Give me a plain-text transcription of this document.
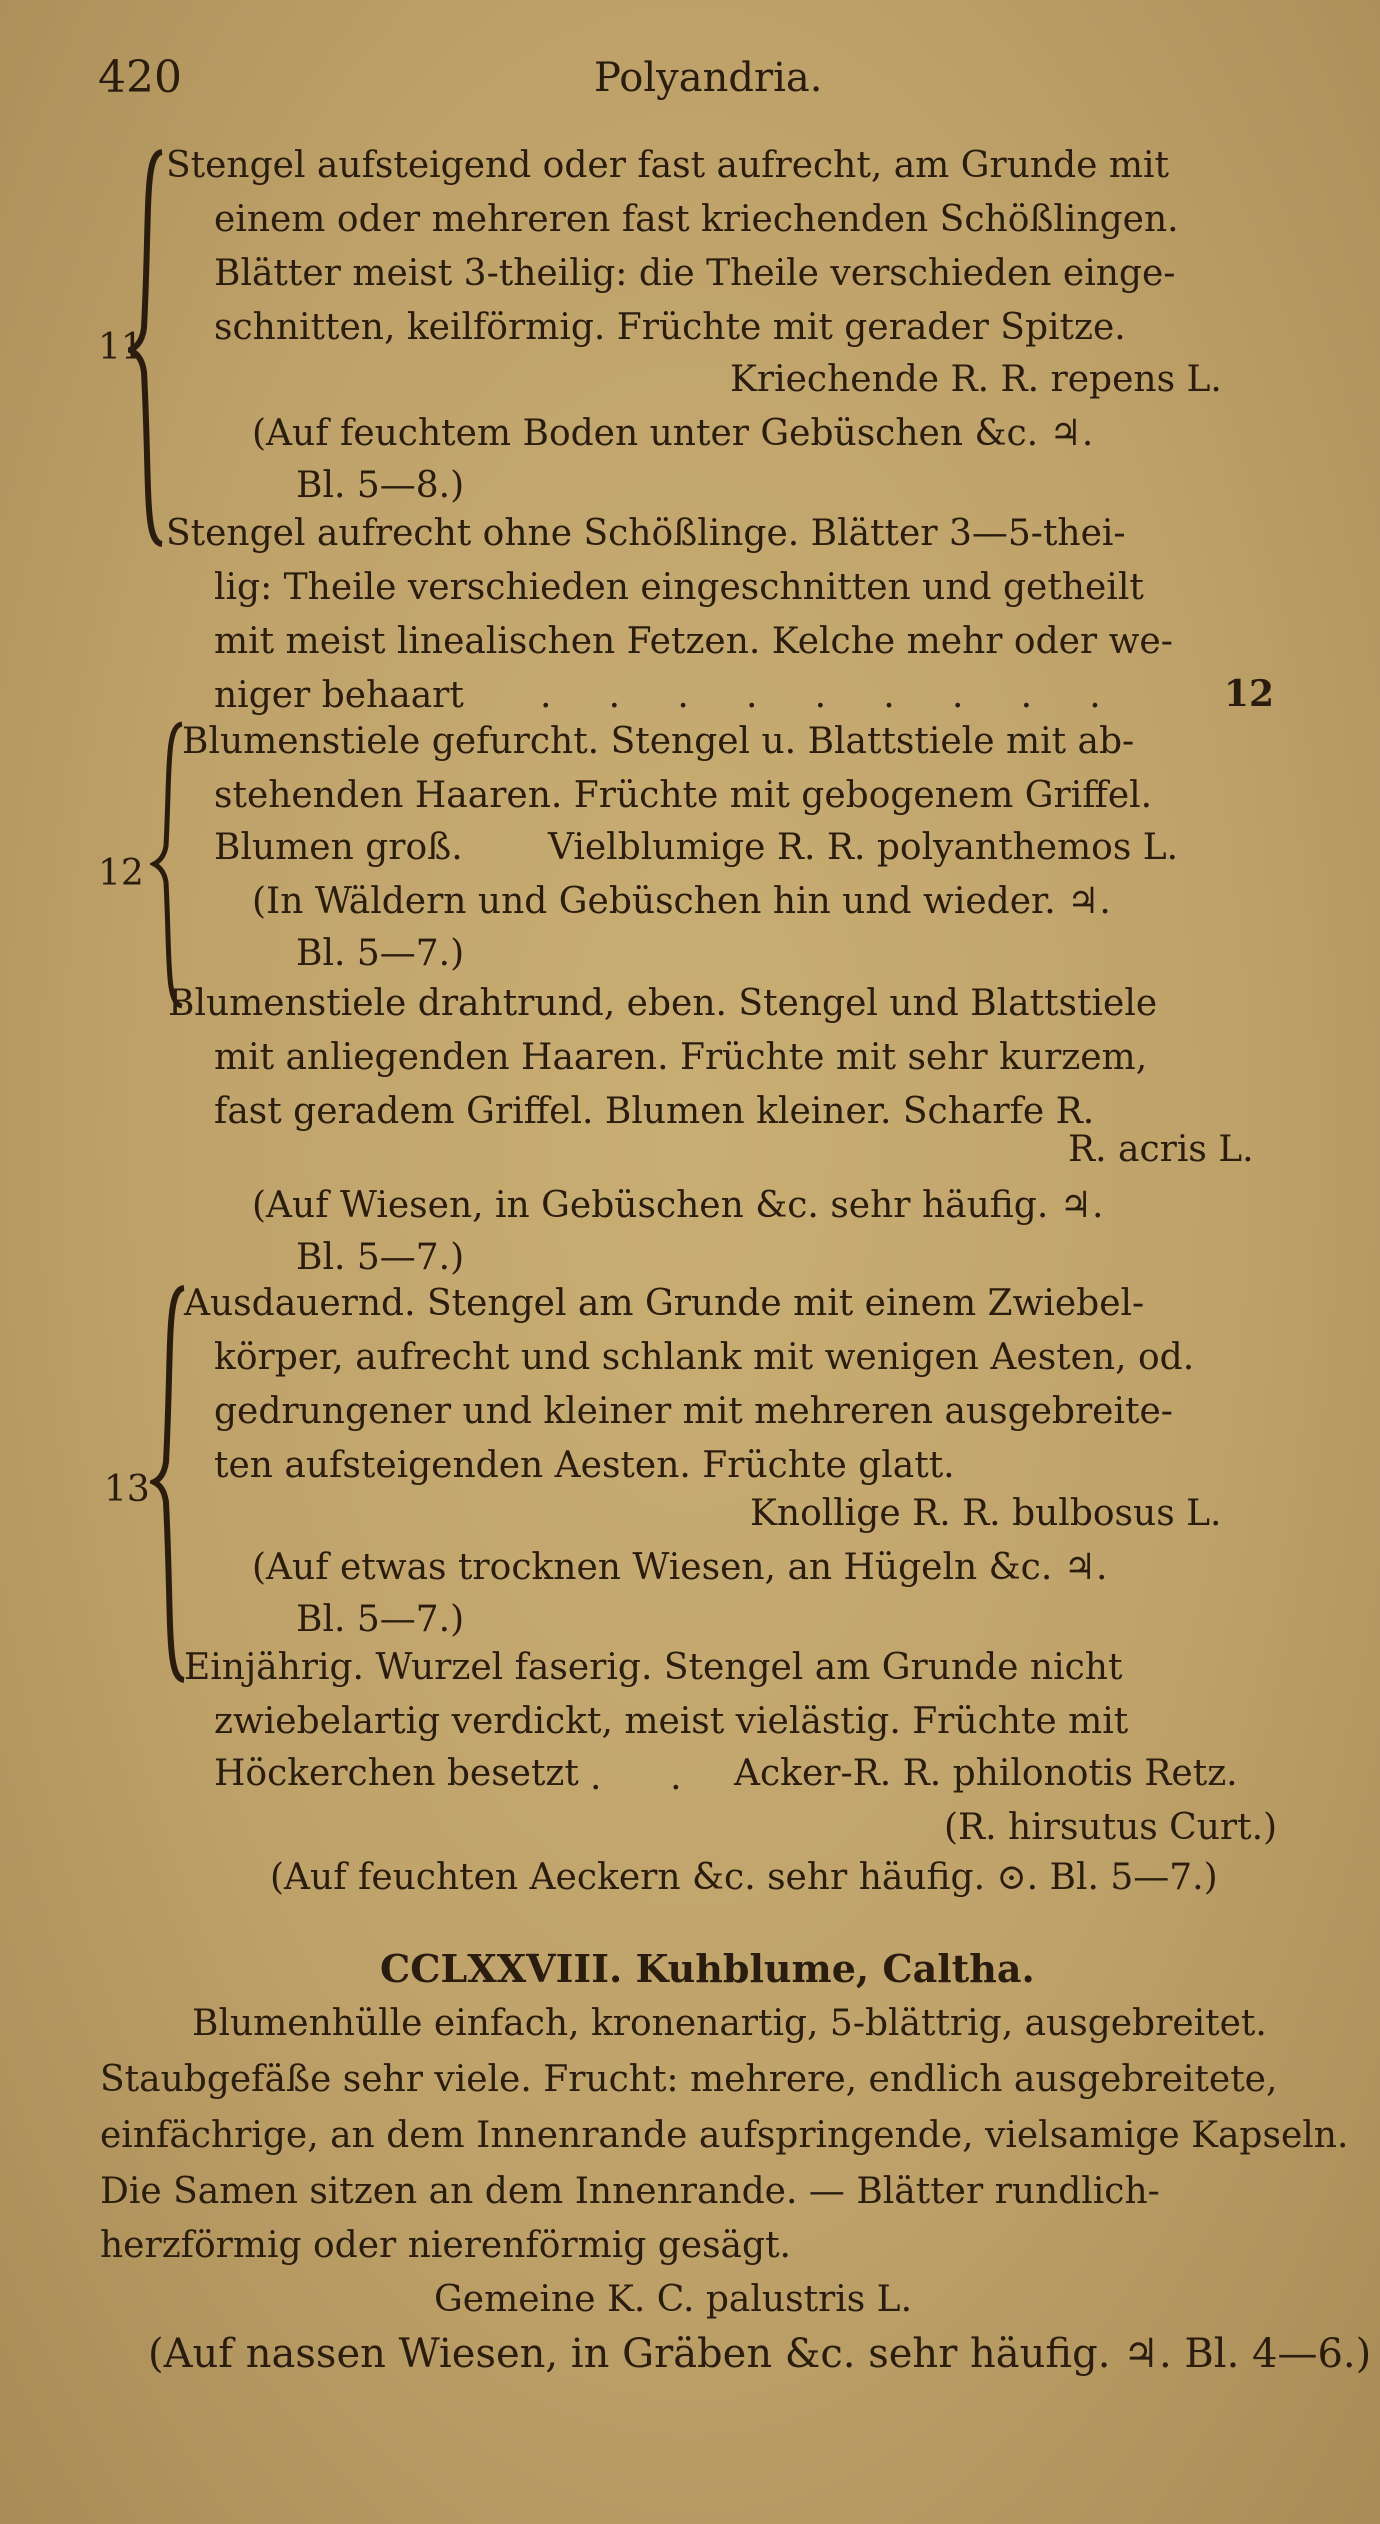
420	Polyandria.
11
Stengel aufsteigend oder fast aufrecht, am Grunde mit
einem oder mehreren fast kriechenden Schößlingen.
Blätter meist 3-theilig: die Theile verschieden einge-
schnitten, keilförmig. Früchte mit gerader Spitze.
Kriechende R. R. repens L.
(Auf feuchtem Boden unter Gebüschen &c. ♃.
Bl. 5—8.)
Stengel aufrecht ohne Schößlinge. Blätter 3—5-thei-
lig: Theile verschieden eingeschnitten und getheilt
mit meist linealischen Fetzen. Kelche mehr oder we-
niger behaart .     .     .     .     .     .     .     .     .	12
12
Blumenstiele gefurcht. Stengel u. Blattstiele mit ab-
stehenden Haaren. Früchte mit gebogenem Griffel.
Blumen groß. Vielblumige R. R. polyanthemos L.
(In Wäldern und Gebüschen hin und wieder. ♃.
Bl. 5—7.)
Blumenstiele drahtrund, eben. Stengel und Blattstiele
mit anliegenden Haaren. Früchte mit sehr kurzem,
fast geradem Griffel. Blumen kleiner. Scharfe R.
R. acris L.
(Auf Wiesen, in Gebüschen &c. sehr häufig. ♃.
Bl. 5—7.)
13
Ausdauernd. Stengel am Grunde mit einem Zwiebel-
körper, aufrecht und schlank mit wenigen Aesten, od.
gedrungener und kleiner mit mehreren ausgebreite-
ten aufsteigenden Aesten. Früchte glatt.
Knollige R. R. bulbosus L.
(Auf etwas trocknen Wiesen, an Hügeln &c. ♃.
Bl. 5—7.)
Einjährig. Wurzel faserig. Stengel am Grunde nicht
zwiebelartig verdickt, meist vielästig. Früchte mit
Höckerchen besetzt .      . Acker-R. R. philonotis Retz.
(R. hirsutus Curt.)
(Auf feuchten Aeckern &c. sehr häufig. ⊙. Bl. 5—7.)
CCLXXVIII. Kuhblume, Caltha.
Blumenhülle einfach, kronenartig, 5-blättrig, ausgebreitet.
Staubgefäße sehr viele. Frucht: mehrere, endlich ausgebreitete,
einfächrige, an dem Innenrande aufspringende, vielsamige Kapseln.
Die Samen sitzen an dem Innenrande. — Blätter rundlich-
herzförmig oder nierenförmig gesägt.
Gemeine K. C. palustris L.
(Auf nassen Wiesen, in Gräben &c. sehr häufig. ♃. Bl. 4—6.)
